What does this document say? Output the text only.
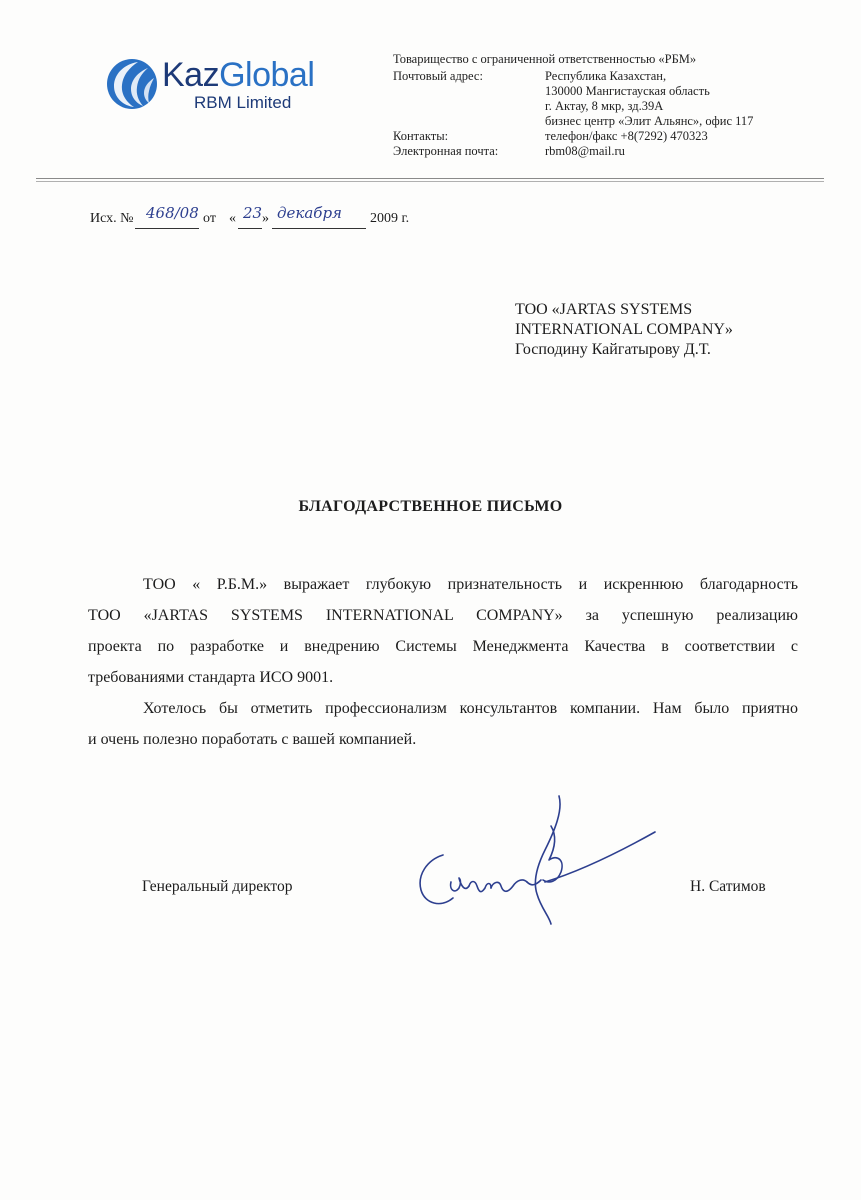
KazGlobal
RBM Limited
Товарищество с ограниченной ответственностью «РБМ»
Почтовый адрес:	Республика Казахстан,
130000 Мангистауская область
г. Актау, 8 мкр, зд.39А
бизнес центр «Элит Альянс», офис 117
Контакты:	телефон/факс +8(7292) 470323
Электронная почта:	rbm08@mail.ru
Исх. № 468/08 от « 23 » декабря 2009 г.
ТОО «JARTAS SYSTEMS
INTERNATIONAL COMPANY»
Господину Кайгатырову Д.Т.
БЛАГОДАРСТВЕННОЕ ПИСЬМО
ТОО « Р.Б.М.» выражает глубокую признательность и искреннюю благодарность
ТОО «JARTAS SYSTEMS INTERNATIONAL COMPANY» за успешную реализацию
проекта по разработке и внедрению Системы Менеджмента Качества в соответствии с
требованиями стандарта ИСО 9001.
Хотелось бы отметить профессионализм консультантов компании. Нам было приятно
и очень полезно поработать с вашей компанией.
Генеральный директор	Н. Сатимов
